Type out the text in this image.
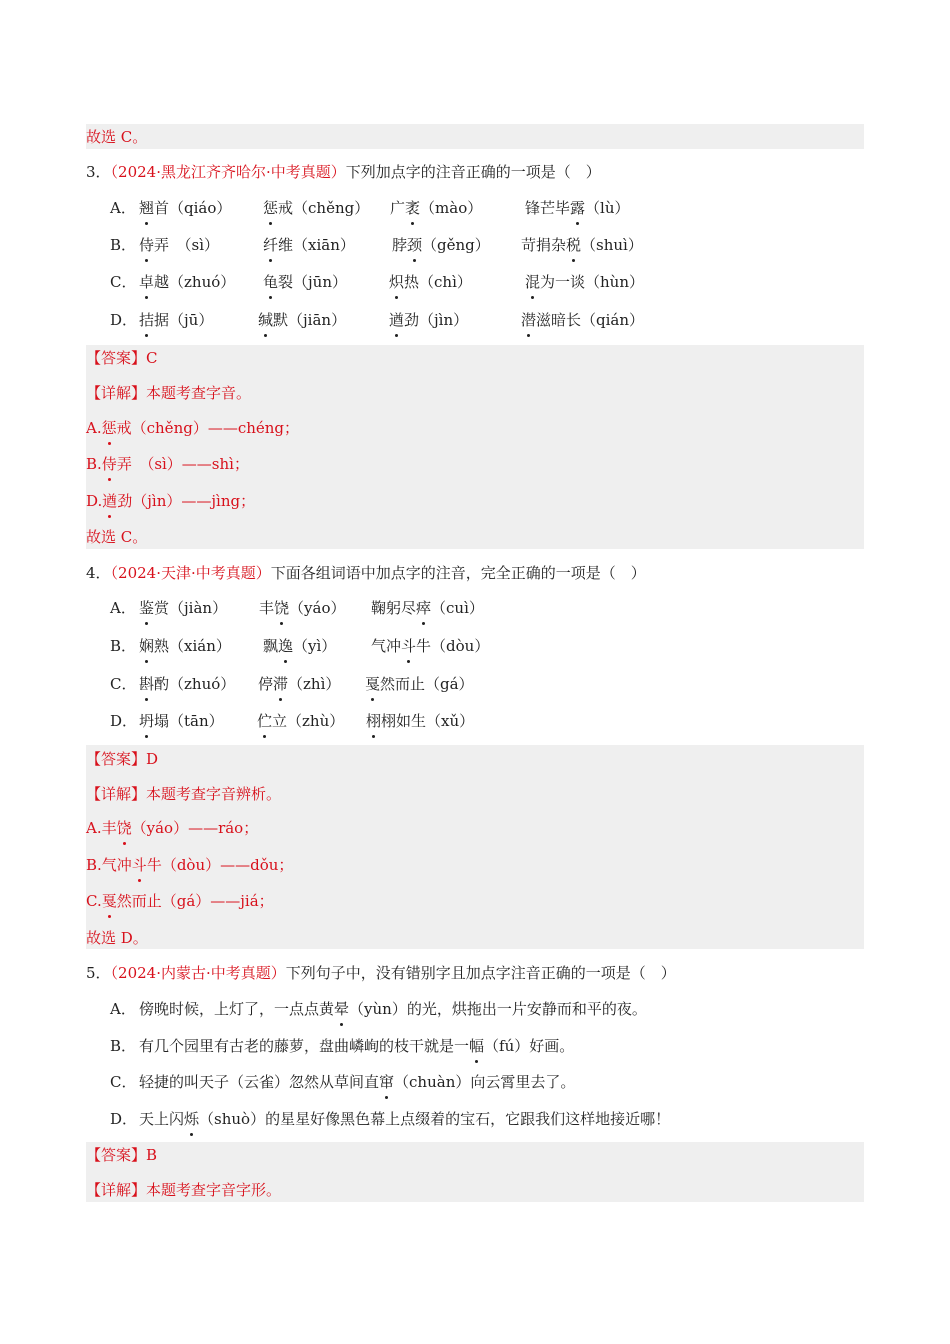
故选 C。
3．（2024·黑龙江齐齐哈尔·中考真题）下列加点字的注音正确的一项是（　）
A． 翘首（qiáo） 惩戒（chěng） 广袤（mào）	锋芒毕露（lù）
B． 侍弄　（sì）	纤维（xiān） 脖颈（gěng） 苛捐杂税（shuì）
C． 卓越（zhuó） 龟裂（jūn）	炽热（chì）	混为一谈（hùn）
D． 拮据（jū）	缄默（jiān）	遒劲（jìn）	潜滋暗长（qián）
【答案】C
【详解】本题考查字音。
A.惩戒（chěng）——chéng；
B.侍弄　（sì）——shì；
D.遒劲（jìn）——jìng；
故选 C。
4．（2024·天津·中考真题）下面各组词语中加点字的注音，完全正确的一项是（　）
A． 鉴赏（jiàn） 丰饶（yáo） 鞠躬尽瘁（cuì）
B． 娴熟（xián） 飘逸（yì） 气冲斗牛（dòu）
C． 斟酌（zhuó） 停滞（zhì） 戛然而止（gá）
D． 坍塌（tān） 伫立（zhù） 栩栩如生（xǔ）
【答案】D
【详解】本题考查字音辨析。
A.丰饶（yáo）——ráo；
B.气冲斗牛（dòu）——dǒu；
C.戛然而止（gá）——jiá；
故选 D。
5．（2024·内蒙古·中考真题）下列句子中，没有错别字且加点字注音正确的一项是（　）
A． 傍晚时候，上灯了，一点点黄晕（yùn）的光，烘拖出一片安静而和平的夜。
B． 有几个园里有古老的藤萝，盘曲嶙峋的枝干就是一幅（fú）好画。
C． 轻捷的叫天子（云雀）忽然从草间直窜（chuàn）向云霄里去了。
D． 天上闪烁（shuò）的星星好像黑色幕上点缀着的宝石，它跟我们这样地接近哪！
【答案】B
【详解】本题考查字音字形。
